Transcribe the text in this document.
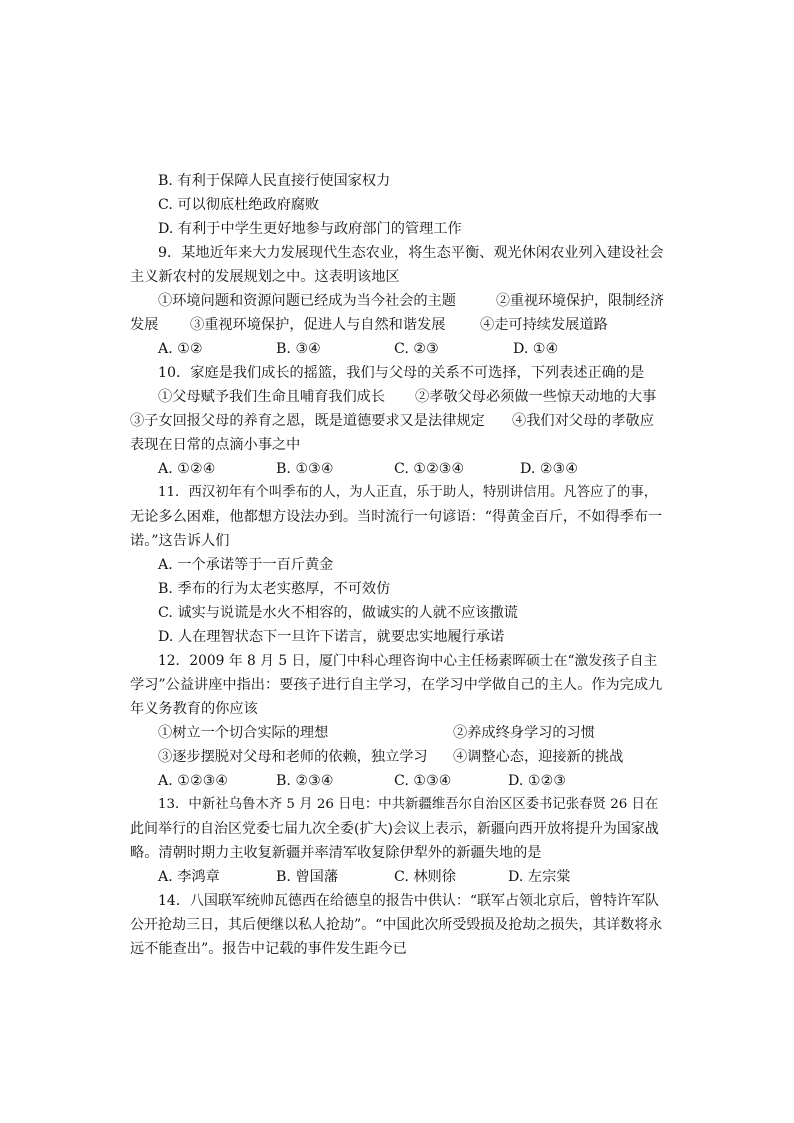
B. 有利于保障人民直接行使国家权力
C. 可以彻底杜绝政府腐败
D. 有利于中学生更好地参与政府部门的管理工作
9．某地近年来大力发展现代生态农业，将生态平衡、观光休闲农业列入建设社会
主义新农村的发展规划之中。这表明该地区
①环境问题和资源问题已经成为当今社会的主题	②重视环境保护，限制经济
发展 ③重视环境保护，促进人与自然和谐发展 ④走可持续发展道路
A. ①②	B. ③④	C. ②③	D. ①④
10．家庭是我们成长的摇篮，我们与父母的关系不可选择，下列表述正确的是
①父母赋予我们生命且哺育我们成长 ②孝敬父母必须做一些惊天动地的大事
③子女回报父母的养育之恩，既是道德要求又是法律规定 ④我们对父母的孝敬应
表现在日常的点滴小事之中
A. ①②④	B. ①③④	C. ①②③④	D. ②③④
11．西汉初年有个叫季布的人，为人正直，乐于助人，特别讲信用。凡答应了的事，
无论多么困难，他都想方设法办到。当时流行一句谚语：“得黄金百斤，不如得季布一
诺。”这告诉人们
A. 一个承诺等于一百斤黄金
B. 季布的行为太老实憨厚，不可效仿
C. 诚实与说谎是水火不相容的，做诚实的人就不应该撒谎
D. 人在理智状态下一旦许下诺言，就要忠实地履行承诺
12．2009 年 8 月 5 日，厦门中科心理咨询中心主任杨素晖硕士在“激发孩子自主
学习”公益讲座中指出：要孩子进行自主学习，在学习中学做自己的主人。作为完成九
年义务教育的你应该
①树立一个切合实际的理想	②养成终身学习的习惯
③逐步摆脱对父母和老师的依赖，独立学习 ④调整心态，迎接新的挑战
A. ①②③④	B. ②③④	C. ①③④	D. ①②③
13．中新社乌鲁木齐 5 月 26 日电：中共新疆维吾尔自治区区委书记张春贤 26 日在
此间举行的自治区党委七届九次全委(扩大)会议上表示，新疆向西开放将提升为国家战
略。清朝时期力主收复新疆并率清军收复除伊犁外的新疆失地的是
A. 李鸿章	B. 曾国藩	C. 林则徐	D. 左宗棠
14．八国联军统帅瓦德西在给德皇的报告中供认：“联军占领北京后，曾特许军队
公开抢劫三日，其后便继以私人抢劫”。“中国此次所受毁损及抢劫之损失，其详数将永
远不能查出”。报告中记载的事件发生距今已
